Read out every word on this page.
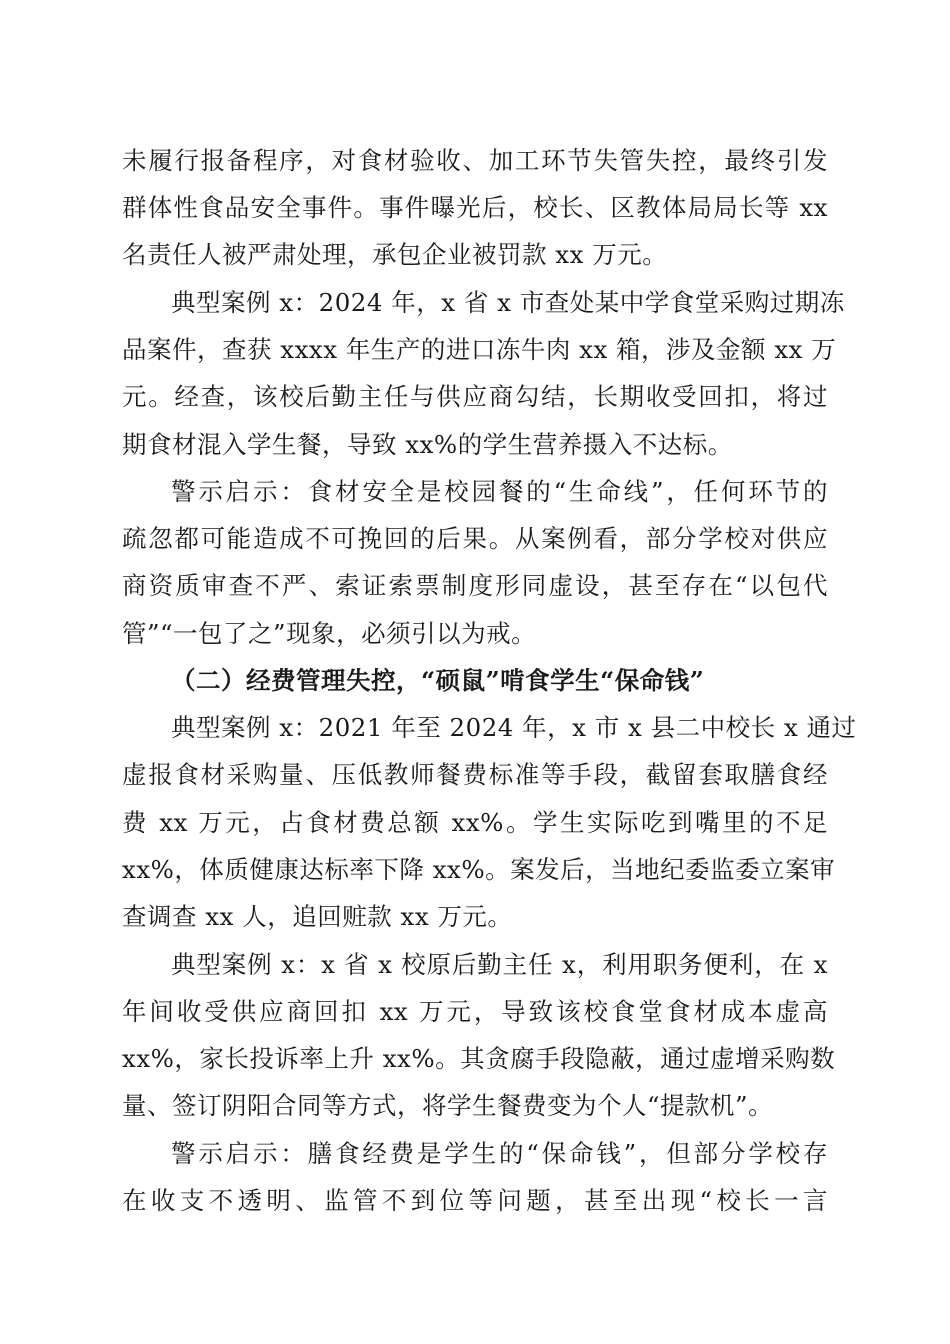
未履行报备程序，对食材验收、加工环节失管失控，最终引发
群体性食品安全事件。事件曝光后，校长、区教体局局长等 xx
名责任人被严肃处理，承包企业被罚款 xx 万元。
典型案例 x：2024 年，x 省 x 市查处某中学食堂采购过期冻
品案件，查获 xxxx 年生产的进口冻牛肉 xx 箱，涉及金额 xx 万
元。经查，该校后勤主任与供应商勾结，长期收受回扣，将过
期食材混入学生餐，导致 xx%的学生营养摄入不达标。
警示启示：食材安全是校园餐的“生命线”，任何环节的
疏忽都可能造成不可挽回的后果。从案例看，部分学校对供应
商资质审查不严、索证索票制度形同虚设，甚至存在“以包代
管”“一包了之”现象，必须引以为戒。
（二）经费管理失控，“硕鼠”啃食学生“保命钱”
典型案例 x：2021 年至 2024 年，x 市 x 县二中校长 x 通过
虚报食材采购量、压低教师餐费标准等手段，截留套取膳食经
费 xx 万元，占食材费总额 xx%。学生实际吃到嘴里的不足
xx%，体质健康达标率下降 xx%。案发后，当地纪委监委立案审
查调查 xx 人，追回赃款 xx 万元。
典型案例 x：x 省 x 校原后勤主任 x，利用职务便利，在 x
年间收受供应商回扣 xx 万元，导致该校食堂食材成本虚高
xx%，家长投诉率上升 xx%。其贪腐手段隐蔽，通过虚增采购数
量、签订阴阳合同等方式，将学生餐费变为个人“提款机”。
警示启示：膳食经费是学生的“保命钱”，但部分学校存
在收支不透明、监管不到位等问题，甚至出现“校长一言
